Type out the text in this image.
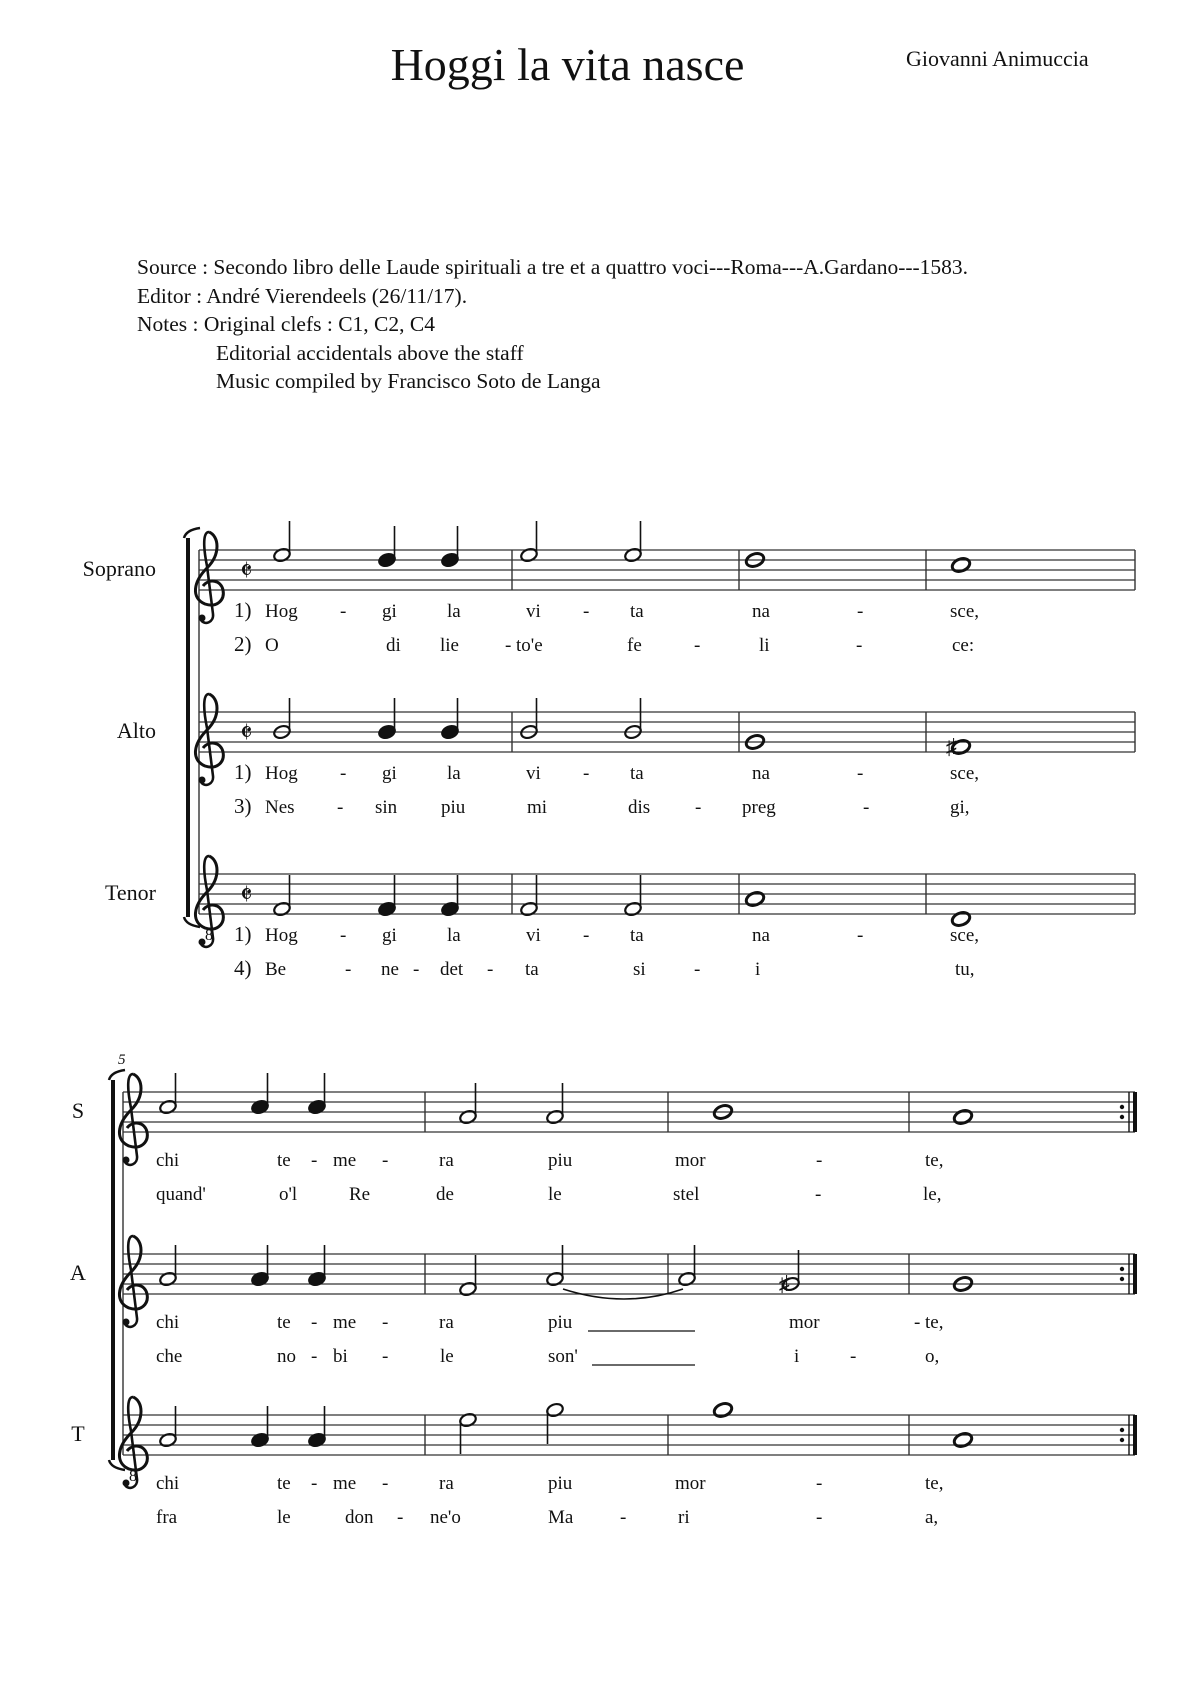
Hoggi la vita nasce	Giovanni Animuccia
Source : Secondo libro delle Laude spirituali a tre et a quattro voci---Roma---A.Gardano---1583.
Editor : André Vierendeels (26/11/17).
Notes : Original clefs : C1, C2, C4
Editorial accidentals above the staff
Music compiled by Francisco Soto de Langa
Soprano	𝄵
Hog - gi	la	vi - ta	na	-	sce,
1)
O	di lie - to'e	fe	-	li	-	ce:
2)
Alto	𝄵	♯
Hog - gi	la	vi - ta	na	-	sce,
1)
Nes - sin piu	mi	dis - preg	-	gi,
3)
Tenor
8
𝄵
Hog - gi	la	vi - ta	na	-	sce,
1)
Be	- ne - det - ta	si	-	i	tu,
4)
5
S
chi	te - me -	ra	piu	mor	-	te,
quand'	o'l	Re	de	le	stel	-	le,
A	♯
chi	te - me -	ra	piu	mor	- te,
che	no - bi -	le	son'	i	-	o,
T
8 chi	te - me -	ra	piu	mor	-	te,
fra	le	don - ne'o	Ma -	ri	-	a,
